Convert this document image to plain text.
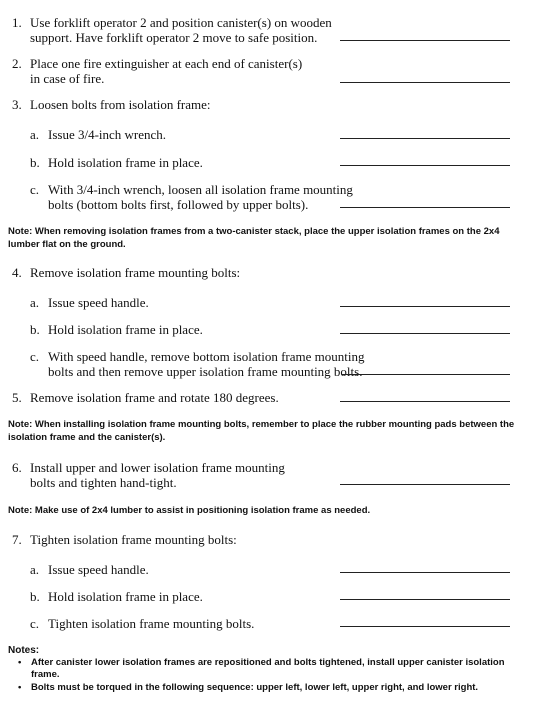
1. Use forklift operator 2 and position canister(s) on wooden
support. Have forklift operator 2 move to safe position.
2. Place one fire extinguisher at each end of canister(s)
in case of fire.
3. Loosen bolts from isolation frame:
a. Issue 3/4-inch wrench.
b. Hold isolation frame in place.
c. With 3/4-inch wrench, loosen all isolation frame mounting
bolts (bottom bolts first, followed by upper bolts).
Note: When removing isolation frames from a two-canister stack, place the upper isolation frames on the 2x4 lumber flat on the ground.
4. Remove isolation frame mounting bolts:
a. Issue speed handle.
b. Hold isolation frame in place.
c. With speed handle, remove bottom isolation frame mounting
bolts and then remove upper isolation frame mounting bolts.
5. Remove isolation frame and rotate 180 degrees.
Note: When installing isolation frame mounting bolts, remember to place the rubber mounting pads between the isolation frame and the canister(s).
6. Install upper and lower isolation frame mounting
bolts and tighten hand-tight.
Note: Make use of 2x4 lumber to assist in positioning isolation frame as needed.
7. Tighten isolation frame mounting bolts:
a. Issue speed handle.
b. Hold isolation frame in place.
c. Tighten isolation frame mounting bolts.
Notes:
• After canister lower isolation frames are repositioned and bolts tightened, install upper canister isolation frame.
• Bolts must be torqued in the following sequence: upper left, lower left, upper right, and lower right.
